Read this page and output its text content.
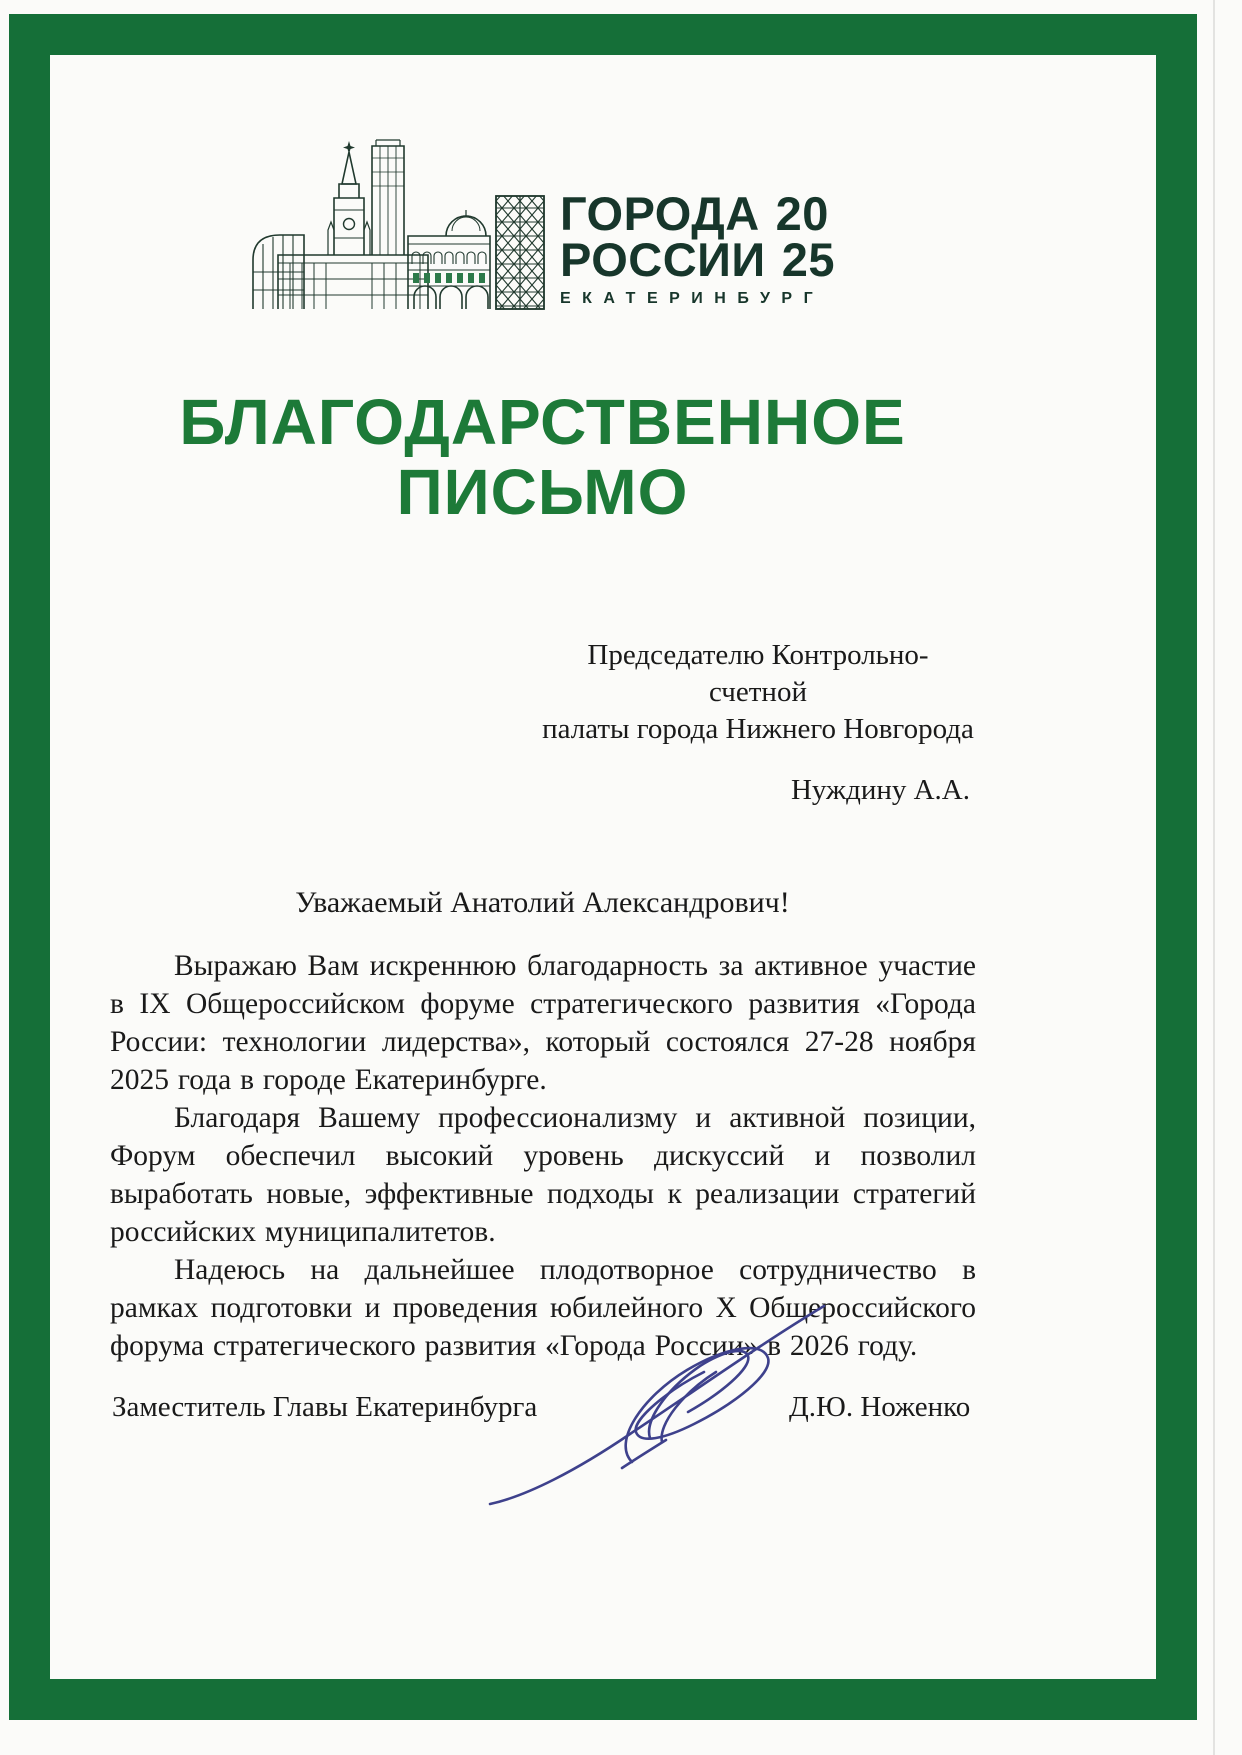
ГОРОДА 20
РОССИИ 25
ЕКАТЕРИНБУРГ
БЛАГОДАРСТВЕННОЕ
ПИСЬМО
Председателю Контрольно-счетной
палаты города Нижнего Новгорода
Нуждину А.А.
Уважаемый Анатолий Александрович!

Выражаю Вам искреннюю благодарность за активное участие в IX Общероссийском форуме стратегического развития «Города России: технологии лидерства», который состоялся 27-28 ноября 2025 года в городе Екатеринбурге.

Благодаря Вашему профессионализму и активной позиции, Форум обеспечил высокий уровень дискуссий и позволил выработать новые, эффективные подходы к реализации стратегий российских муниципалитетов.

Надеюсь на дальнейшее плодотворное сотрудничество в рамках подготовки и проведения юбилейного X Общероссийского форума стратегического развития «Города России» в 2026 году.

Заместитель Главы Екатеринбурга	Д.Ю. Ноженко
